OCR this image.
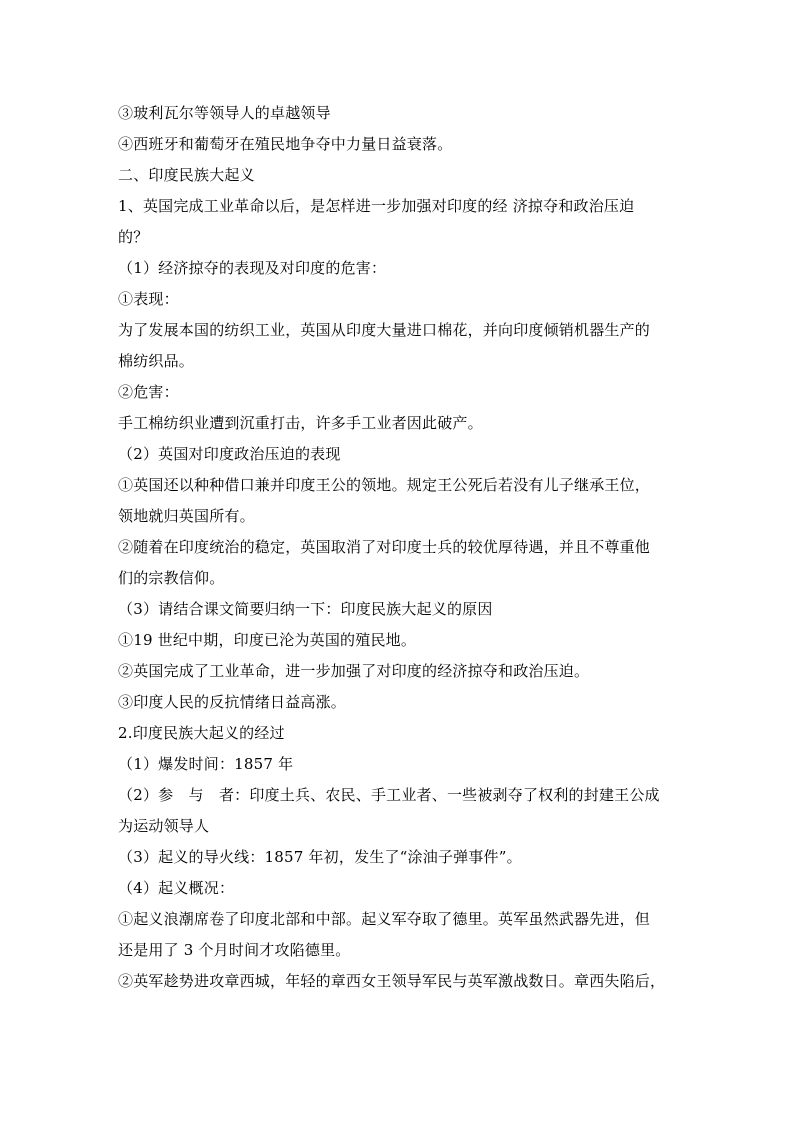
③玻利瓦尔等领导人的卓越领导
④西班牙和葡萄牙在殖民地争夺中力量日益衰落。
二、印度民族大起义
1、英国完成工业革命以后，是怎样进一步加强对印度的经 济掠夺和政治压迫
的？
（1）经济掠夺的表现及对印度的危害：
①表现：
为了发展本国的纺织工业，英国从印度大量进口棉花，并向印度倾销机器生产的
棉纺织品。
②危害：
手工棉纺织业遭到沉重打击，许多手工业者因此破产。
（2）英国对印度政治压迫的表现
①英国还以种种借口兼并印度王公的领地。规定王公死后若没有儿子继承王位，
领地就归英国所有。
②随着在印度统治的稳定，英国取消了对印度士兵的较优厚待遇，并且不尊重他
们的宗教信仰。
（3）请结合课文简要归纳一下：印度民族大起义的原因
①19 世纪中期，印度已沦为英国的殖民地。
②英国完成了工业革命，进一步加强了对印度的经济掠夺和政治压迫。
③印度人民的反抗情绪日益高涨。
2.印度民族大起义的经过
（1）爆发时间：1857 年
（2）参　与　者：印度土兵、农民、手工业者、一些被剥夺了权利的封建王公成
为运动领导人
（3）起义的导火线：1857 年初，发生了“涂油子弹事件”。
（4）起义概况：
①起义浪潮席卷了印度北部和中部。起义军夺取了德里。英军虽然武器先进，但
还是用了 3 个月时间才攻陷德里。
②英军趁势进攻章西城，年轻的章西女王领导军民与英军激战数日。章西失陷后，
